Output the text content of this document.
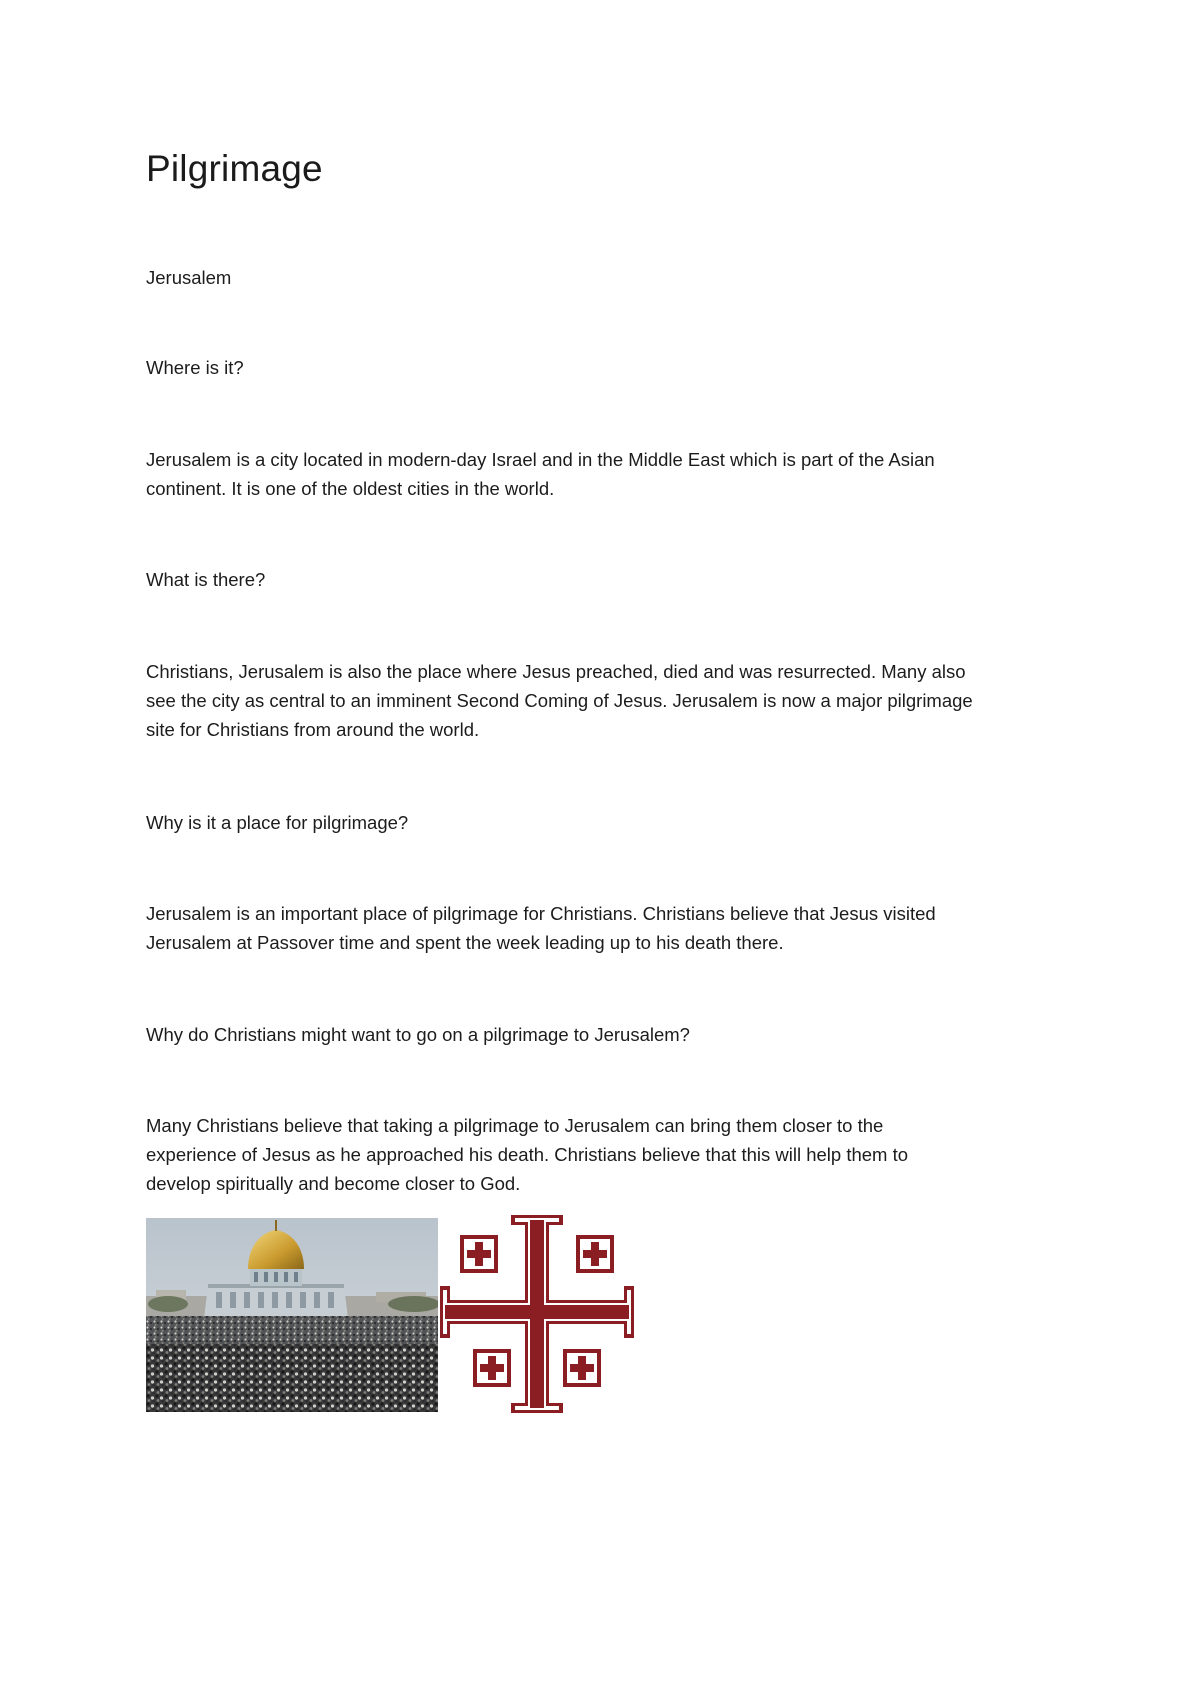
Pilgrimage
Jerusalem
Where is it?
Jerusalem is a city located in modern-day Israel and in the Middle East which is part of the Asian
continent. It is one of the oldest cities in the world.
What is there?
Christians, Jerusalem is also the place where Jesus preached, died and was resurrected. Many also
see the city as central to an imminent Second Coming of Jesus. Jerusalem is now a major pilgrimage
site for Christians from around the world.
Why is it a place for pilgrimage?
Jerusalem is an important place of pilgrimage for Christians. Christians believe that Jesus visited
Jerusalem at Passover time and spent the week leading up to his death there.
Why do Christians might want to go on a pilgrimage to Jerusalem?
Many Christians believe that taking a pilgrimage to Jerusalem can bring them closer to the
experience of Jesus as he approached his death. Christians believe that this will help them to
develop spiritually and become closer to God.
